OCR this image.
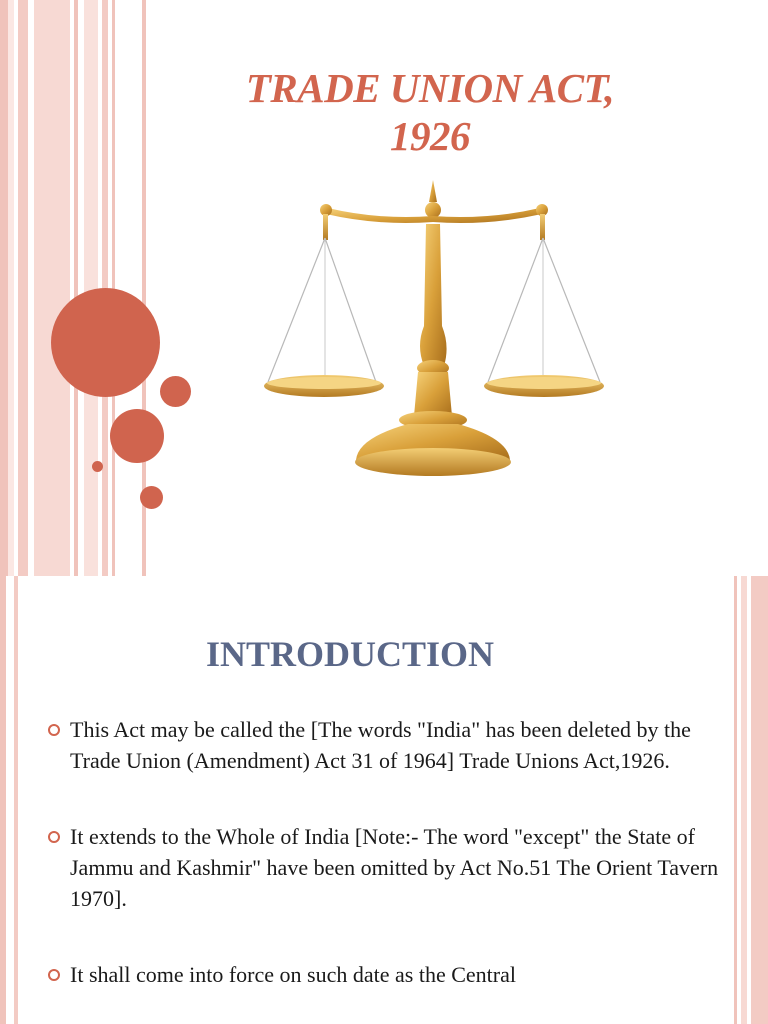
TRADE UNION ACT,
1926
INTRODUCTION
This Act may be called the [The words "India" has been deleted by the Trade Union (Amendment) Act 31 of 1964] Trade Unions Act,1926.
It extends to the Whole of India [Note:- The word "except" the State of Jammu and Kashmir" have been omitted by Act No.51 The Orient Tavern 1970].
It shall come into force on such date as the Central
